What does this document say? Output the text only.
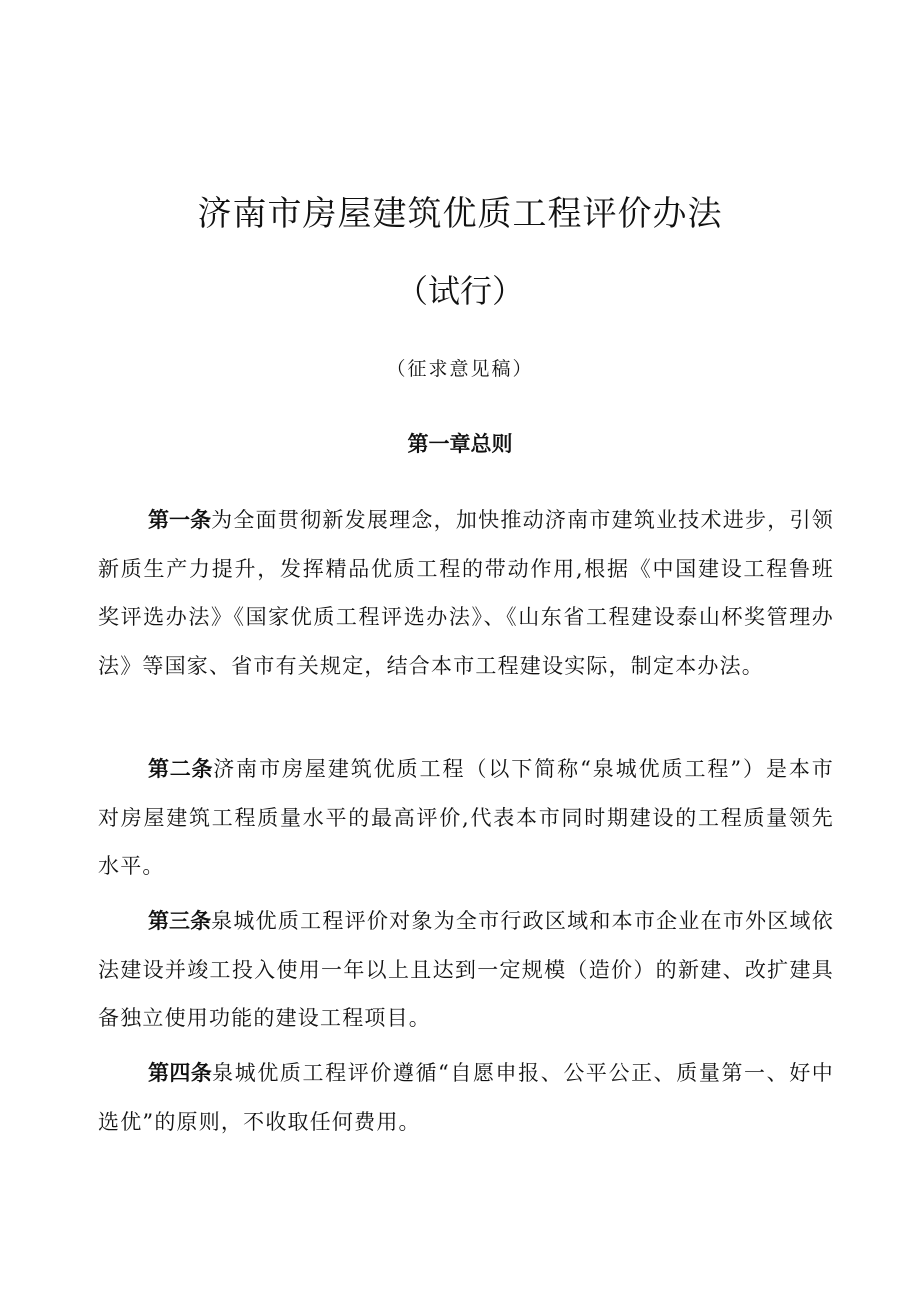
济南市房屋建筑优质工程评价办法
（试行）
（征求意见稿）
第一章总则

第一条为全面贯彻新发展理念，加快推动济南市建筑业技术进步，引领新质生产力提升，发挥精品优质工程的带动作用,根据《中国建设工程鲁班奖评选办法》《国家优质工程评选办法》、《山东省工程建设泰山杯奖管理办法》等国家、省市有关规定，结合本市工程建设实际，制定本办法。

第二条济南市房屋建筑优质工程（以下简称“泉城优质工程”）是本市对房屋建筑工程质量水平的最高评价,代表本市同时期建设的工程质量领先水平。

第三条泉城优质工程评价对象为全市行政区域和本市企业在市外区域依法建设并竣工投入使用一年以上且达到一定规模（造价）的新建、改扩建具备独立使用功能的建设工程项目。

第四条泉城优质工程评价遵循“自愿申报、公平公正、质量第一、好中选优”的原则，不收取任何费用。
